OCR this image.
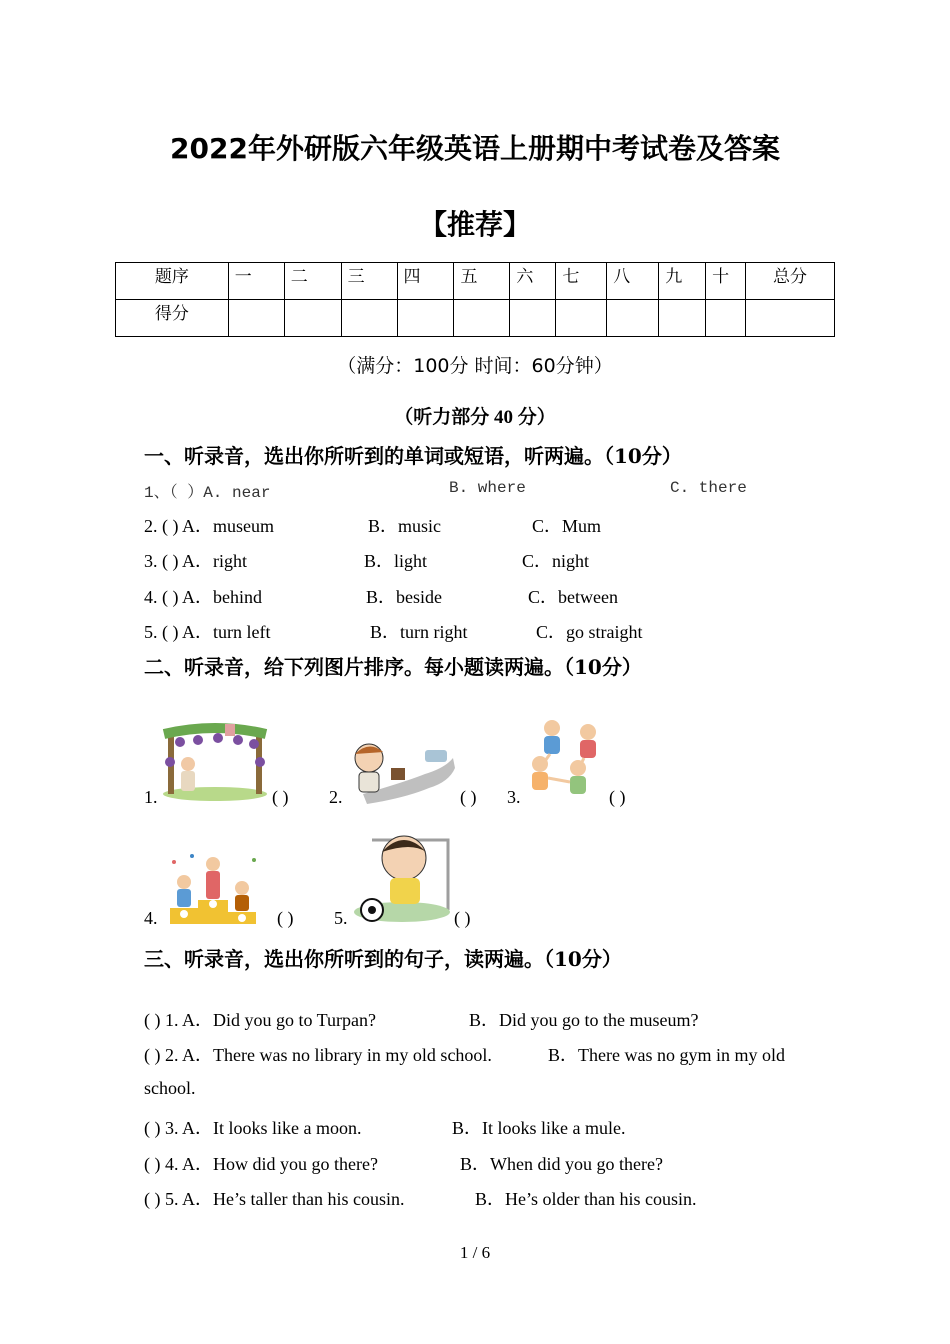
2022年外研版六年级英语上册期中考试卷及答案
【推荐】
题序	一	二	三	四	五	六	七	八	九	十	总分
得分											
（满分：100分 时间：60分钟）
（听力部分 40 分）
一、听录音，选出你所听到的单词或短语，听两遍。（10分）
1、（ ）A. near	B. where	C. there
2. ( ) A．museum	B．music	C．Mum
3. ( ) A．right	B．light	C．night
4. ( ) A．behind	B．beside	C．between
5. ( ) A．turn left	B．turn right	C．go straight
二、听录音，给下列图片排序。每小题读两遍。（10分）
1.	( ) 2.	( ) 3.	( )
4.	( ) 5.	( )
三、听录音，选出你所听到的句子，读两遍。（10分）
( ) 1. A．Did you go to Turpan?	B．Did you go to the museum?
( ) 2. A．There was no library in my old school.	B．There was no gym in my old
school.
( ) 3. A．It looks like a moon.	B．It looks like a mule.
( ) 4. A．How did you go there?	B．When did you go there?
( ) 5. A．He’s taller than his cousin.	B．He’s older than his cousin.
1 / 6
